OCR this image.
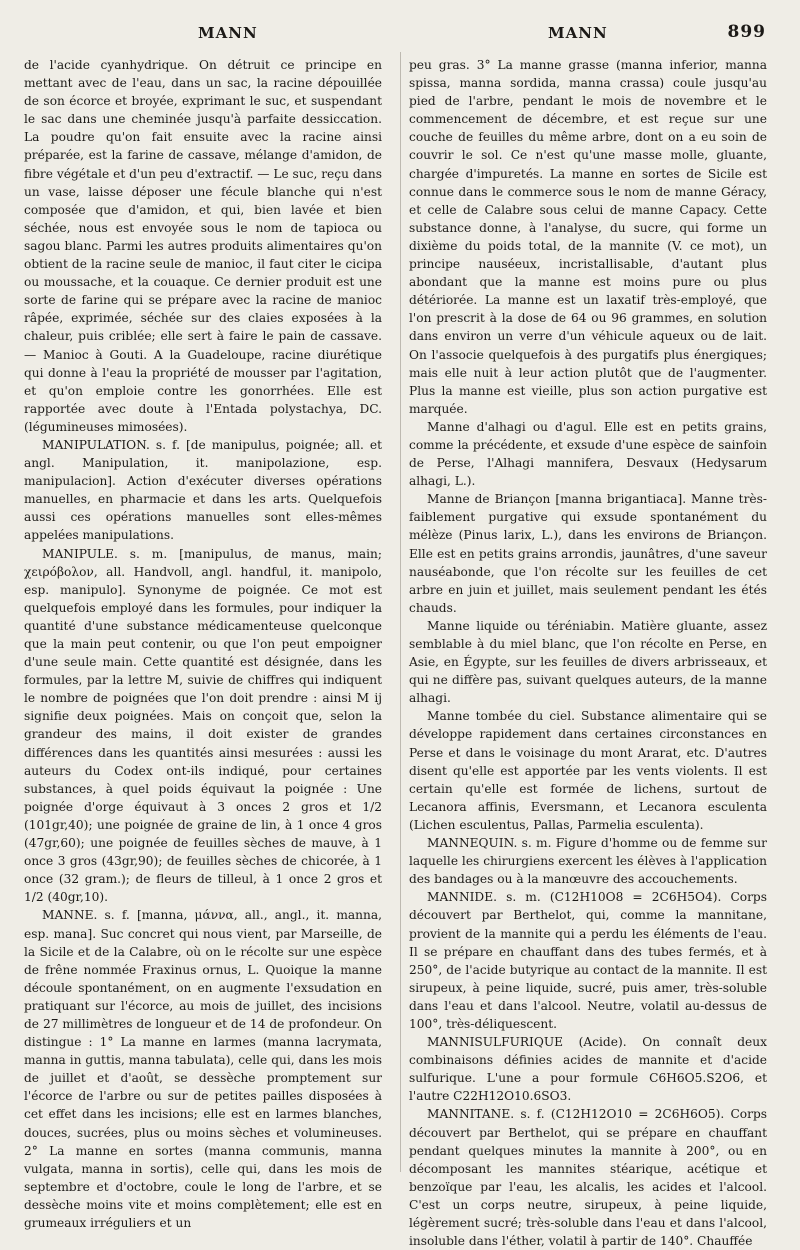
MANN	MANN	899

de l'acide cyanhydrique. On détruit ce principe en mettant avec de l'eau, dans un sac, la racine dépouillée de son écorce et broyée, exprimant le suc, et suspendant le sac dans une cheminée jusqu'à parfaite dessiccation. La poudre qu'on fait ensuite avec la racine ainsi préparée, est la farine de cassave, mélange d'amidon, de fibre végétale et d'un peu d'extractif. — Le suc, reçu dans un vase, laisse déposer une fécule blanche qui n'est composée que d'amidon, et qui, bien lavée et bien séchée, nous est envoyée sous le nom de tapioca ou sagou blanc. Parmi les autres produits alimentaires qu'on obtient de la racine seule de manioc, il faut citer le cicipa ou moussache, et la couaque. Ce dernier produit est une sorte de farine qui se prépare avec la racine de manioc râpée, exprimée, séchée sur des claies exposées à la chaleur, puis criblée; elle sert à faire le pain de cassave. — Manioc à Gouti. A la Guadeloupe, racine diurétique qui donne à l'eau la propriété de mousser par l'agitation, et qu'on emploie contre les gonorrhées. Elle est rapportée avec doute à l'Entada polystachya, DC. (légumineuses mimosées).

MANIPULATION. s. f. [de manipulus, poignée; all. et angl. Manipulation, it. manipolazione, esp. manipulacion]. Action d'exécuter diverses opérations manuelles, en pharmacie et dans les arts. Quelquefois aussi ces opérations manuelles sont elles-mêmes appelées manipulations.

MANIPULE. s. m. [manipulus, de manus, main; χειρόβολον, all. Handvoll, angl. handful, it. manipolo, esp. manipulo]. Synonyme de poignée. Ce mot est quelquefois employé dans les formules, pour indiquer la quantité d'une substance médicamenteuse quelconque que la main peut contenir, ou que l'on peut empoigner d'une seule main. Cette quantité est désignée, dans les formules, par la lettre M, suivie de chiffres qui indiquent le nombre de poignées que l'on doit prendre : ainsi M ij signifie deux poignées. Mais on conçoit que, selon la grandeur des mains, il doit exister de grandes différences dans les quantités ainsi mesurées : aussi les auteurs du Codex ont-ils indiqué, pour certaines substances, à quel poids équivaut la poignée : Une poignée d'orge équivaut à 3 onces 2 gros et 1/2 (101gr,40); une poignée de graine de lin, à 1 once 4 gros (47gr,60); une poignée de feuilles sèches de mauve, à 1 once 3 gros (43gr,90); de feuilles sèches de chicorée, à 1 once (32 gram.); de fleurs de tilleul, à 1 once 2 gros et 1/2 (40gr,10).

MANNE. s. f. [manna, μάννα, all., angl., it. manna, esp. mana]. Suc concret qui nous vient, par Marseille, de la Sicile et de la Calabre, où on le récolte sur une espèce de frêne nommée Fraxinus ornus, L. Quoique la manne découle spontanément, on en augmente l'exsudation en pratiquant sur l'écorce, au mois de juillet, des incisions de 27 millimètres de longueur et de 14 de profondeur. On distingue : 1° La manne en larmes (manna lacrymata, manna in guttis, manna tabulata), celle qui, dans les mois de juillet et d'août, se dessèche promptement sur l'écorce de l'arbre ou sur de petites pailles disposées à cet effet dans les incisions; elle est en larmes blanches, douces, sucrées, plus ou moins sèches et volumineuses. 2° La manne en sortes (manna communis, manna vulgata, manna in sortis), celle qui, dans les mois de septembre et d'octobre, coule le long de l'arbre, et se dessèche moins vite et moins complètement; elle est en grumeaux irréguliers et un

peu gras. 3° La manne grasse (manna inferior, manna spissa, manna sordida, manna crassa) coule jusqu'au pied de l'arbre, pendant le mois de novembre et le commencement de décembre, et est reçue sur une couche de feuilles du même arbre, dont on a eu soin de couvrir le sol. Ce n'est qu'une masse molle, gluante, chargée d'impuretés. La manne en sortes de Sicile est connue dans le commerce sous le nom de manne Géracy, et celle de Calabre sous celui de manne Capacy. Cette substance donne, à l'analyse, du sucre, qui forme un dixième du poids total, de la mannite (V. ce mot), un principe nauséeux, incristallisable, d'autant plus abondant que la manne est moins pure ou plus détériorée. La manne est un laxatif très-employé, que l'on prescrit à la dose de 64 ou 96 grammes, en solution dans environ un verre d'un véhicule aqueux ou de lait. On l'associe quelquefois à des purgatifs plus énergiques; mais elle nuit à leur action plutôt que de l'augmenter. Plus la manne est vieille, plus son action purgative est marquée.

Manne d'alhagi ou d'agul. Elle est en petits grains, comme la précédente, et exsude d'une espèce de sainfoin de Perse, l'Alhagi mannifera, Desvaux (Hedysarum alhagi, L.).

Manne de Briançon [manna brigantiaca]. Manne très-faiblement purgative qui exsude spontanément du mélèze (Pinus larix, L.), dans les environs de Briançon. Elle est en petits grains arrondis, jaunâtres, d'une saveur nauséabonde, que l'on récolte sur les feuilles de cet arbre en juin et juillet, mais seulement pendant les étés chauds.

Manne liquide ou téréniabin. Matière gluante, assez semblable à du miel blanc, que l'on récolte en Perse, en Asie, en Égypte, sur les feuilles de divers arbrisseaux, et qui ne diffère pas, suivant quelques auteurs, de la manne alhagi.

Manne tombée du ciel. Substance alimentaire qui se développe rapidement dans certaines circonstances en Perse et dans le voisinage du mont Ararat, etc. D'autres disent qu'elle est apportée par les vents violents. Il est certain qu'elle est formée de lichens, surtout de Lecanora affinis, Eversmann, et Lecanora esculenta (Lichen esculentus, Pallas, Parmelia esculenta).

MANNEQUIN. s. m. Figure d'homme ou de femme sur laquelle les chirurgiens exercent les élèves à l'application des bandages ou à la manœuvre des accouchements.

MANNIDE. s. m. (C12H10O8 = 2C6H5O4). Corps découvert par Berthelot, qui, comme la mannitane, provient de la mannite qui a perdu les éléments de l'eau. Il se prépare en chauffant dans des tubes fermés, et à 250°, de l'acide butyrique au contact de la mannite. Il est sirupeux, à peine liquide, sucré, puis amer, très-soluble dans l'eau et dans l'alcool. Neutre, volatil au-dessus de 100°, très-déliquescent.

MANNISULFURIQUE (Acide). On connaît deux combinaisons définies acides de mannite et d'acide sulfurique. L'une a pour formule C6H6O5.S2O6, et l'autre C22H12O10.6SO3.

MANNITANE. s. f. (C12H12O10 = 2C6H6O5). Corps découvert par Berthelot, qui se prépare en chauffant pendant quelques minutes la mannite à 200°, ou en décomposant les mannites stéarique, acétique et benzoïque par l'eau, les alcalis, les acides et l'alcool. C'est un corps neutre, sirupeux, à peine liquide, légèrement sucré; très-soluble dans l'eau et dans l'alcool, insoluble dans l'éther, volatil à partir de 140°. Chauffée
